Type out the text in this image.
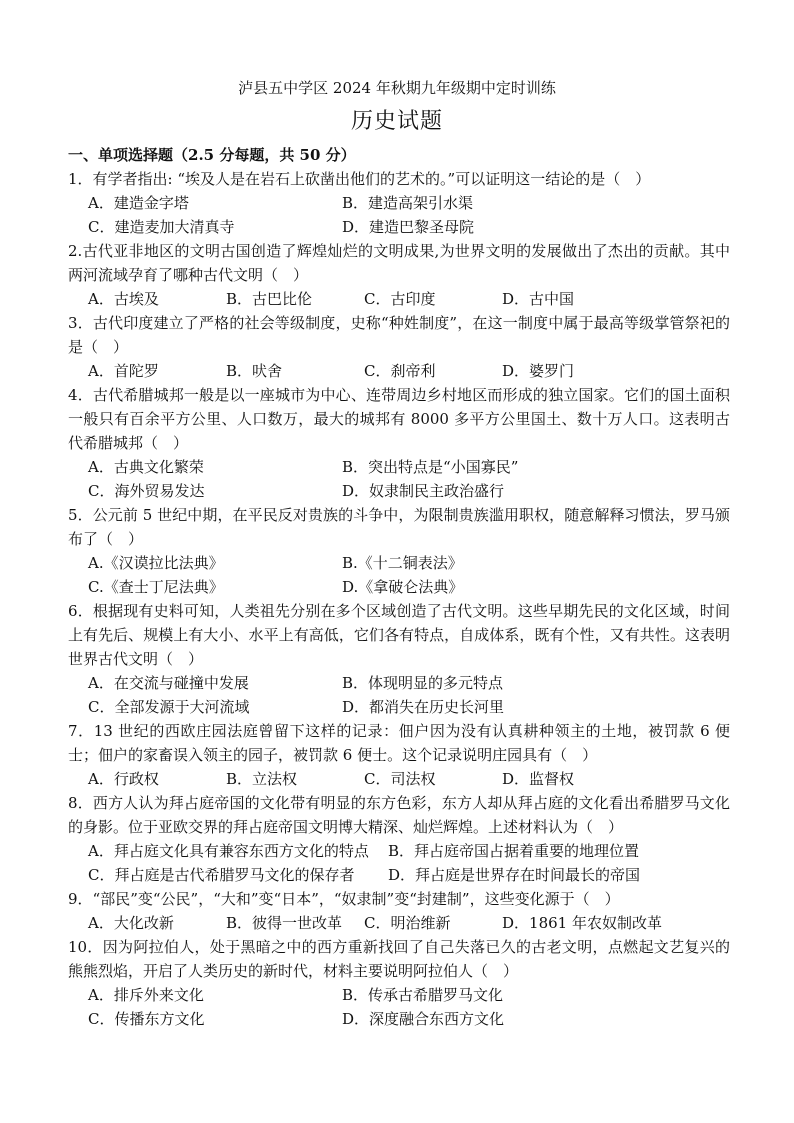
泸县五中学区 2024 年秋期九年级期中定时训练
历史试题
一、单项选择题（2.5 分每题，共 50 分）
1．有学者指出: “埃及人是在岩石上砍凿出他们的艺术的。”可以证明这一结论的是（　）
A．建造金字塔	B．建造高架引水渠
C．建造麦加大清真寺	D．建造巴黎圣母院
2.古代亚非地区的文明古国创造了辉煌灿烂的文明成果,为世界文明的发展做出了杰出的贡献。其中两河流域孕育了哪种古代文明（　）
A．古埃及	B．古巴比伦	C．古印度	D．古中国
3．古代印度建立了严格的社会等级制度，史称“种姓制度”，在这一制度中属于最高等级掌管祭祀的是（　）
A．首陀罗	B．吠舍	C．刹帝利	D．婆罗门
4．古代希腊城邦一般是以一座城市为中心、连带周边乡村地区而形成的独立国家。它们的国土面积一般只有百余平方公里、人口数万，最大的城邦有 8000 多平方公里国土、数十万人口。这表明古代希腊城邦（　）
A．古典文化繁荣	B．突出特点是“小国寡民”
C．海外贸易发达	D．奴隶制民主政治盛行
5．公元前 5 世纪中期，在平民反对贵族的斗争中，为限制贵族滥用职权，随意解释习惯法，罗马颁布了（　）
A.《汉谟拉比法典》	B.《十二铜表法》
C.《查士丁尼法典》	D.《拿破仑法典》
6．根据现有史料可知，人类祖先分别在多个区域创造了古代文明。这些早期先民的文化区域，时间上有先后、规模上有大小、水平上有高低，它们各有特点，自成体系，既有个性，又有共性。这表明世界古代文明（　）
A．在交流与碰撞中发展	B．体现明显的多元特点
C．全部发源于大河流域	D．都消失在历史长河里
7．13 世纪的西欧庄园法庭曾留下这样的记录：佃户因为没有认真耕种领主的土地，被罚款 6 便士；佃户的家畜误入领主的园子，被罚款 6 便士。这个记录说明庄园具有（　）
A．行政权	B．立法权	C．司法权	D．监督权
8．西方人认为拜占庭帝国的文化带有明显的东方色彩，东方人却从拜占庭的文化看出希腊罗马文化的身影。位于亚欧交界的拜占庭帝国文明博大精深、灿烂辉煌。上述材料认为（　）
A．拜占庭文化具有兼容东西方文化的特点	B．拜占庭帝国占据着重要的地理位置
C．拜占庭是古代希腊罗马文化的保存者	D．拜占庭是世界存在时间最长的帝国
9．“部民”变“公民”，“大和”变“日本”，“奴隶制”变“封建制”，这些变化源于（　）
A．大化改新	B．彼得一世改革	C．明治维新	D．1861 年农奴制改革
10．因为阿拉伯人，处于黑暗之中的西方重新找回了自己失落已久的古老文明，点燃起文艺复兴的熊熊烈焰，开启了人类历史的新时代，材料主要说明阿拉伯人（　）
A．排斥外来文化	B．传承古希腊罗马文化
C．传播东方文化	D．深度融合东西方文化
